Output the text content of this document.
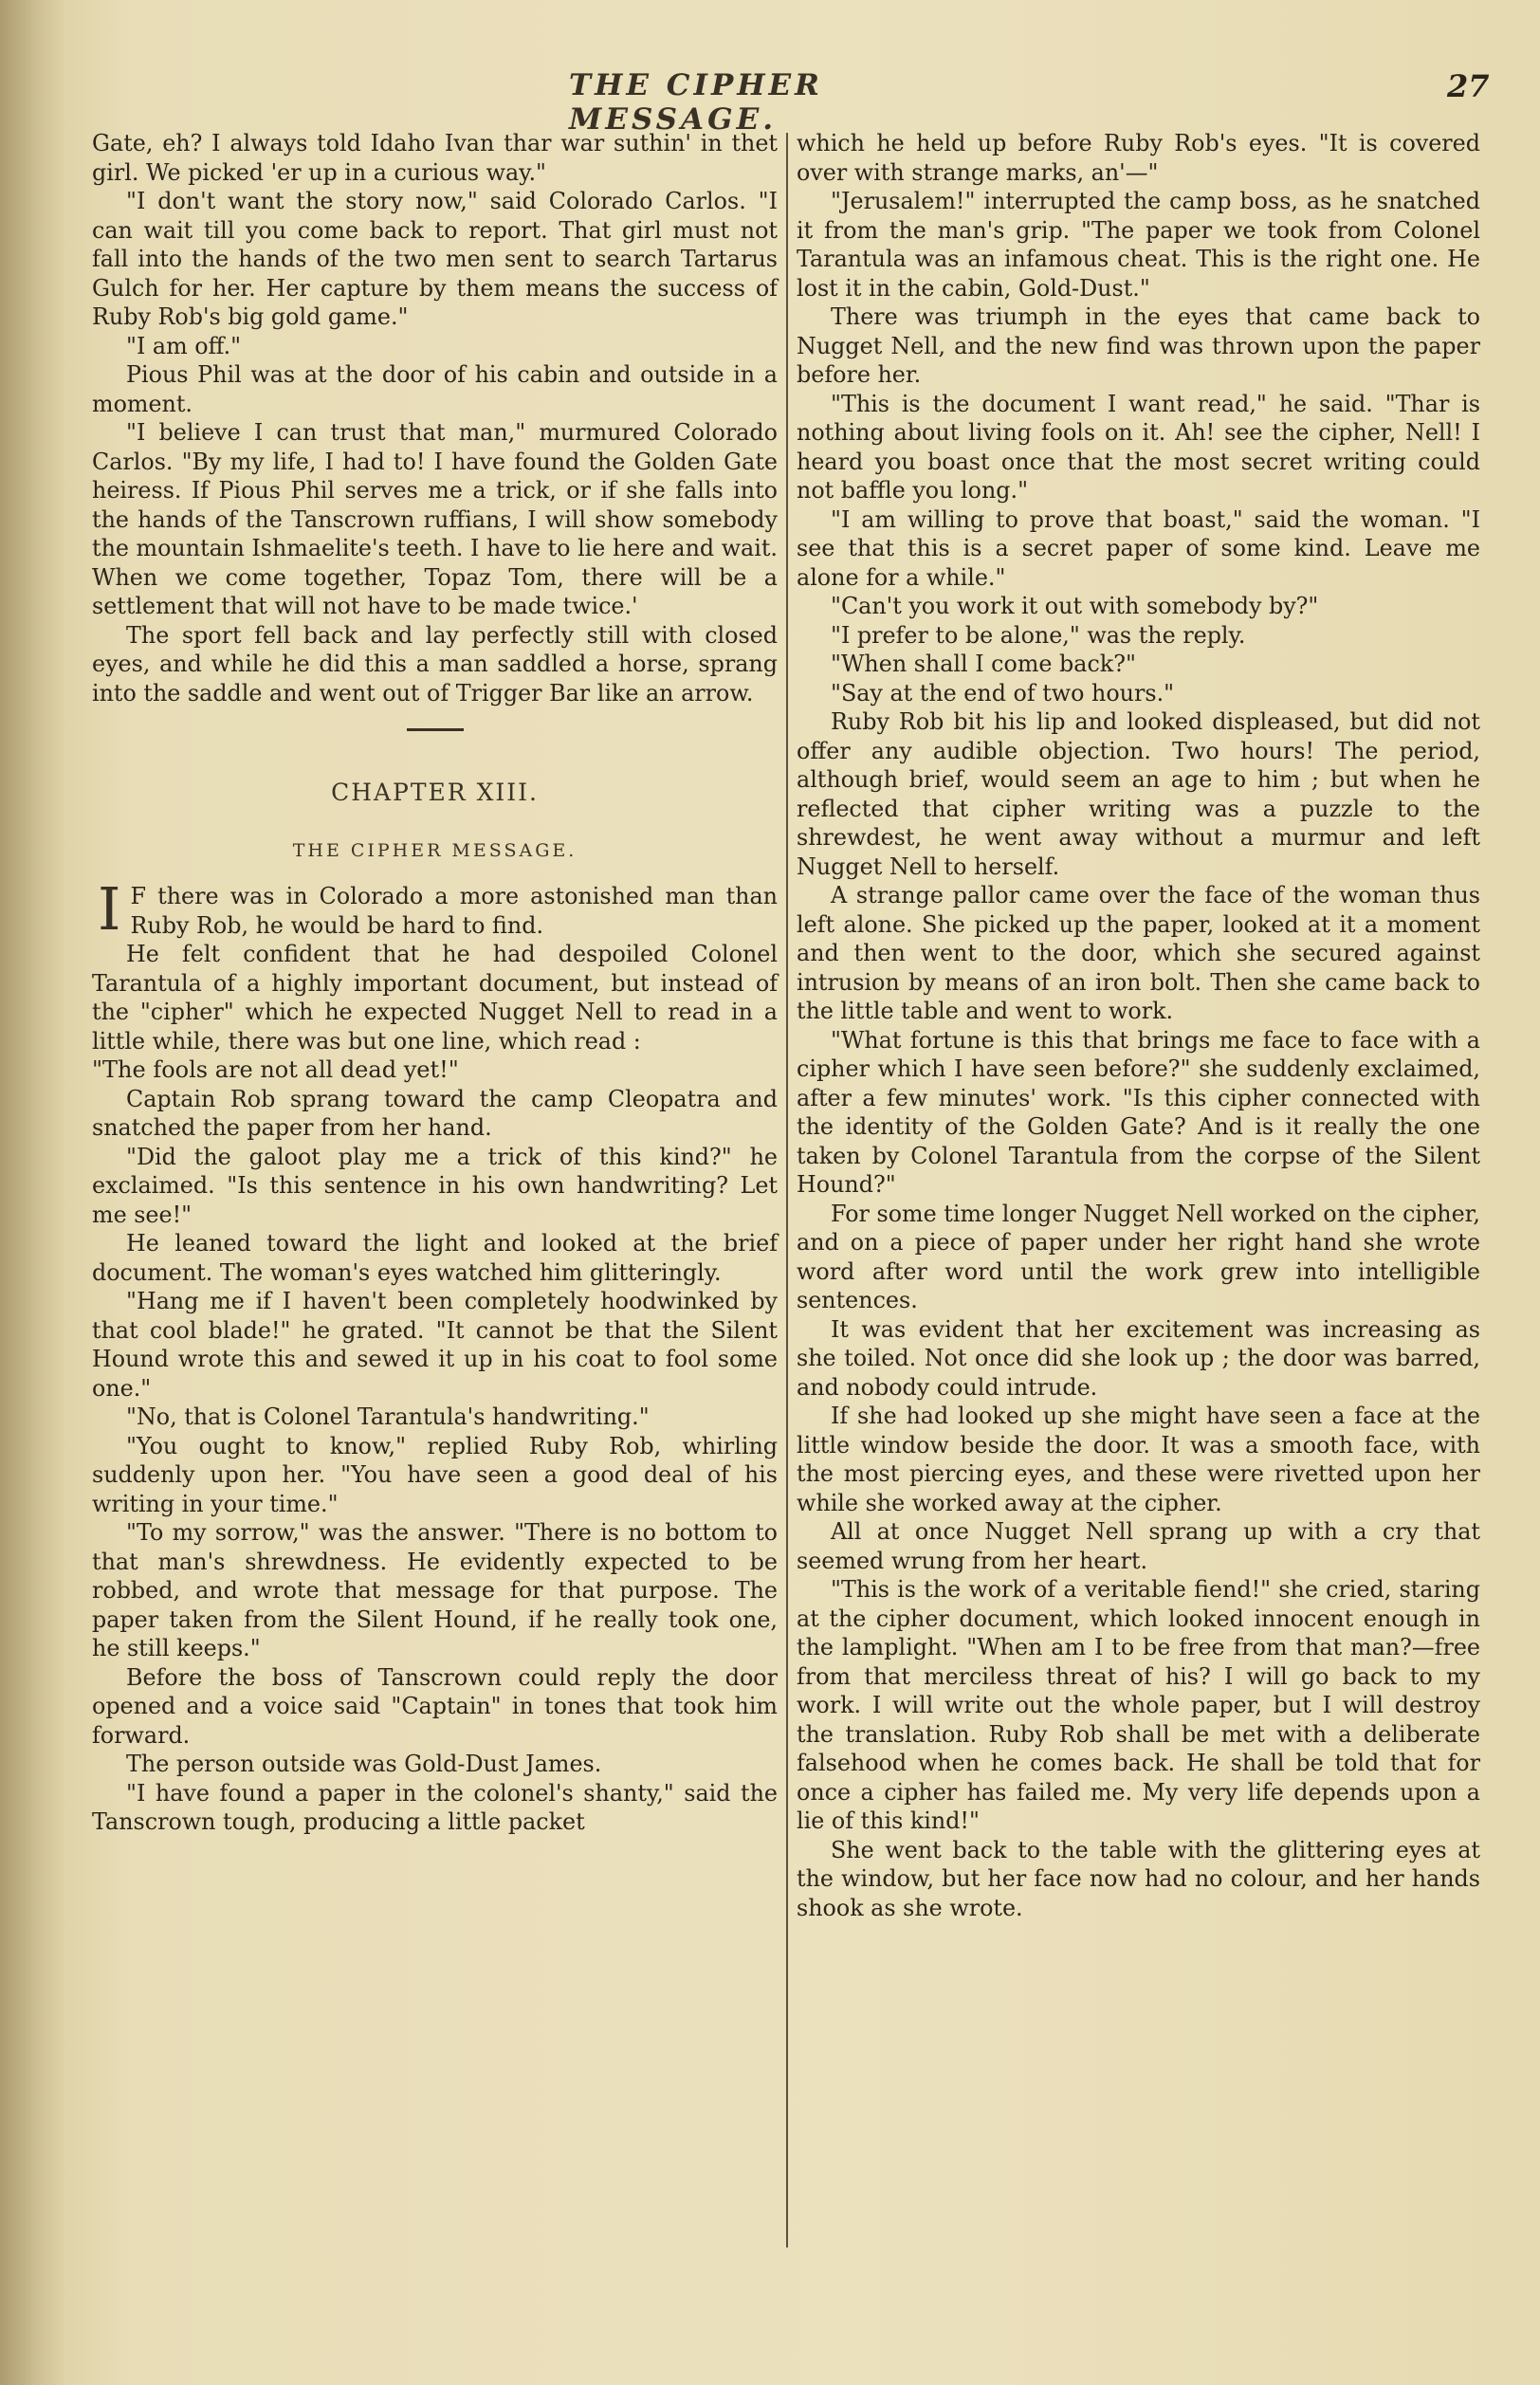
THE CIPHER MESSAGE.
27

Gate, eh? I always told Idaho Ivan thar war suthin' in thet girl. We picked 'er up in a curious way."

"I don't want the story now," said Colorado Carlos. "I can wait till you come back to report. That girl must not fall into the hands of the two men sent to search Tartarus Gulch for her. Her capture by them means the success of Ruby Rob's big gold game."

"I am off."

Pious Phil was at the door of his cabin and outside in a moment.

"I believe I can trust that man," murmured Colorado Carlos. "By my life, I had to! I have found the Golden Gate heiress. If Pious Phil serves me a trick, or if she falls into the hands of the Tanscrown ruffians, I will show somebody the mountain Ishmaelite's teeth. I have to lie here and wait. When we come together, Topaz Tom, there will be a settlement that will not have to be made twice.'

The sport fell back and lay perfectly still with closed eyes, and while he did this a man saddled a horse, sprang into the saddle and went out of Trigger Bar like an arrow.

CHAPTER XIII.
THE CIPHER MESSAGE.

I F there was in Colorado a more astonished man than Ruby Rob, he would be hard to find.

He felt confident that he had despoiled Colonel Tarantula of a highly important document, but instead of the "cipher" which he expected Nugget Nell to read in a little while, there was but one line, which read :

"The fools are not all dead yet!"

Captain Rob sprang toward the camp Cleopatra and snatched the paper from her hand.

"Did the galoot play me a trick of this kind?" he exclaimed. "Is this sentence in his own handwriting? Let me see!"

He leaned toward the light and looked at the brief document. The woman's eyes watched him glitteringly.

"Hang me if I haven't been completely hoodwinked by that cool blade!" he grated. "It cannot be that the Silent Hound wrote this and sewed it up in his coat to fool some one."

"No, that is Colonel Tarantula's handwriting."

"You ought to know," replied Ruby Rob, whirling suddenly upon her. "You have seen a good deal of his writing in your time."

"To my sorrow," was the answer. "There is no bottom to that man's shrewdness. He evidently expected to be robbed, and wrote that message for that purpose. The paper taken from the Silent Hound, if he really took one, he still keeps."

Before the boss of Tanscrown could reply the door opened and a voice said "Captain" in tones that took him forward.

The person outside was Gold-Dust James.

"I have found a paper in the colonel's shanty," said the Tanscrown tough, producing a little packet

which he held up before Ruby Rob's eyes. "It is covered over with strange marks, an'—"

"Jerusalem!" interrupted the camp boss, as he snatched it from the man's grip. "The paper we took from Colonel Tarantula was an infamous cheat. This is the right one. He lost it in the cabin, Gold-Dust."

There was triumph in the eyes that came back to Nugget Nell, and the new find was thrown upon the paper before her.

"This is the document I want read," he said. "Thar is nothing about living fools on it. Ah! see the cipher, Nell! I heard you boast once that the most secret writing could not baffle you long."

"I am willing to prove that boast," said the woman. "I see that this is a secret paper of some kind. Leave me alone for a while."

"Can't you work it out with somebody by?"

"I prefer to be alone," was the reply.

"When shall I come back?"

"Say at the end of two hours."

Ruby Rob bit his lip and looked displeased, but did not offer any audible objection. Two hours! The period, although brief, would seem an age to him ; but when he reflected that cipher writing was a puzzle to the shrewdest, he went away without a murmur and left Nugget Nell to herself.

A strange pallor came over the face of the woman thus left alone. She picked up the paper, looked at it a moment and then went to the door, which she secured against intrusion by means of an iron bolt. Then she came back to the little table and went to work.

"What fortune is this that brings me face to face with a cipher which I have seen before?" she suddenly exclaimed, after a few minutes' work. "Is this cipher connected with the identity of the Golden Gate? And is it really the one taken by Colonel Tarantula from the corpse of the Silent Hound?"

For some time longer Nugget Nell worked on the cipher, and on a piece of paper under her right hand she wrote word after word until the work grew into intelligible sentences.

It was evident that her excitement was increasing as she toiled. Not once did she look up ; the door was barred, and nobody could intrude.

If she had looked up she might have seen a face at the little window beside the door. It was a smooth face, with the most piercing eyes, and these were rivetted upon her while she worked away at the cipher.

All at once Nugget Nell sprang up with a cry that seemed wrung from her heart.

"This is the work of a veritable fiend!" she cried, staring at the cipher document, which looked innocent enough in the lamplight. "When am I to be free from that man?—free from that merciless threat of his? I will go back to my work. I will write out the whole paper, but I will destroy the translation. Ruby Rob shall be met with a deliberate falsehood when he comes back. He shall be told that for once a cipher has failed me. My very life depends upon a lie of this kind!"

She went back to the table with the glittering eyes at the window, but her face now had no colour, and her hands shook as she wrote.
